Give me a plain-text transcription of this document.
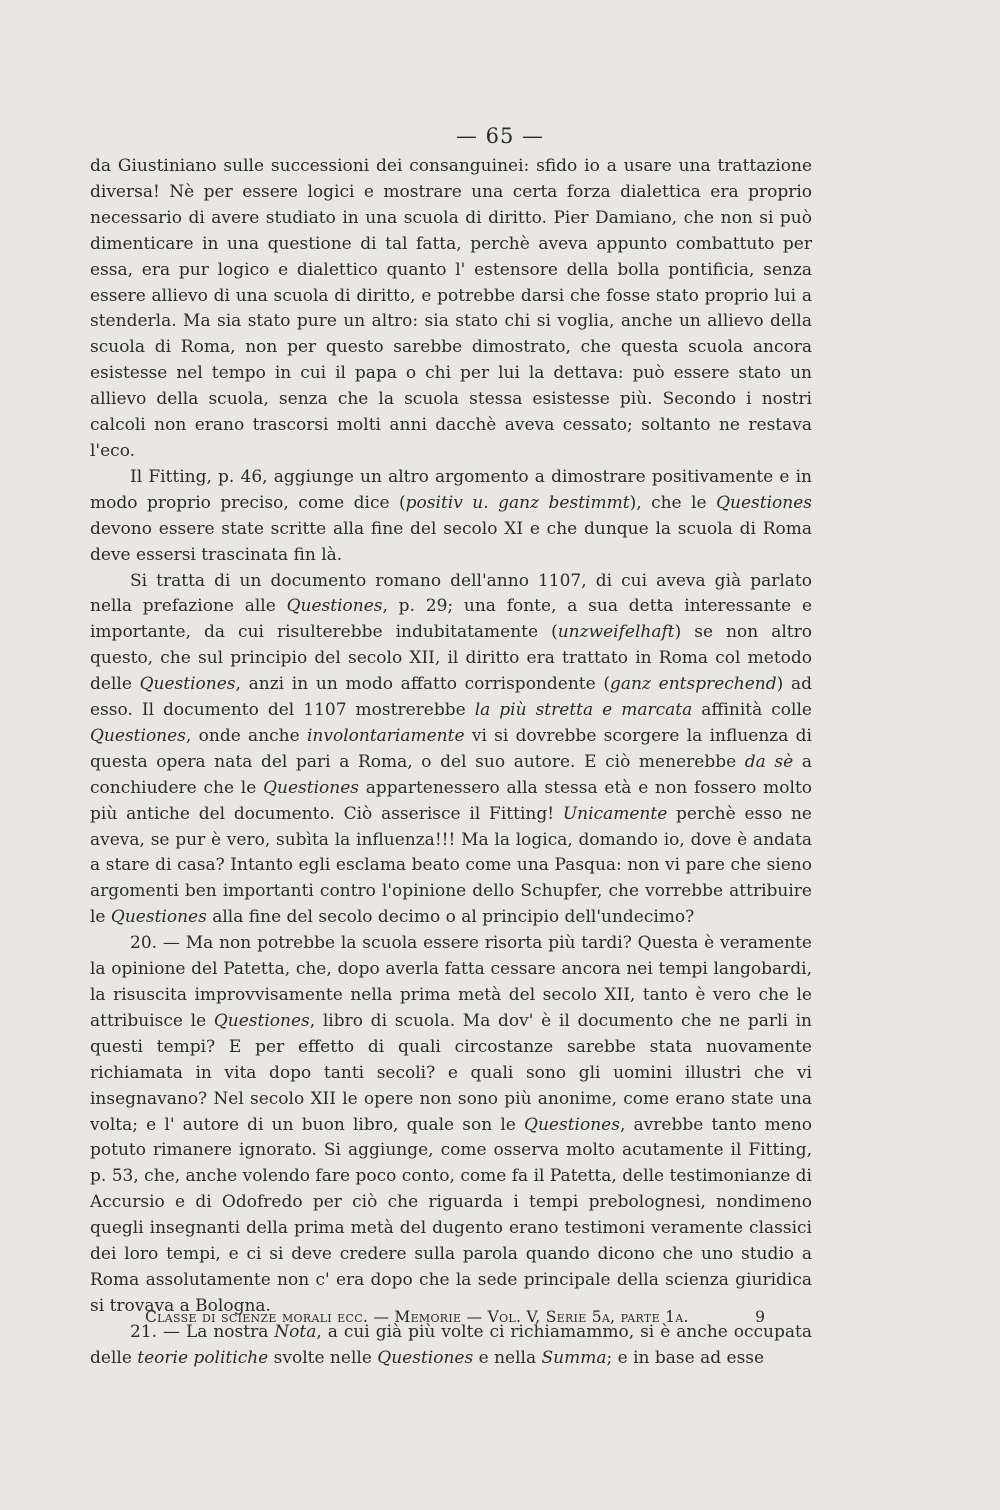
— 65 —

da Giustiniano sulle successioni dei consanguinei: sfido io a usare una trattazione diversa! Nè per essere logici e mostrare una certa forza dialettica era proprio necessario di avere studiato in una scuola di diritto. Pier Damiano, che non si può dimenticare in una questione di tal fatta, perchè aveva appunto combattuto per essa, era pur logico e dialettico quanto l' estensore della bolla pontificia, senza essere allievo di una scuola di diritto, e potrebbe darsi che fosse stato proprio lui a stenderla. Ma sia stato pure un altro: sia stato chi si voglia, anche un allievo della scuola di Roma, non per questo sarebbe dimostrato, che questa scuola ancora esistesse nel tempo in cui il papa o chi per lui la dettava: può essere stato un allievo della scuola, senza che la scuola stessa esistesse più. Secondo i nostri calcoli non erano trascorsi molti anni dacchè aveva cessato; soltanto ne restava l'eco.

Il Fitting, p. 46, aggiunge un altro argomento a dimostrare positivamente e in modo proprio preciso, come dice (positiv u. ganz bestimmt), che le Questiones devono essere state scritte alla fine del secolo XI e che dunque la scuola di Roma deve essersi trascinata fin là.

Si tratta di un documento romano dell'anno 1107, di cui aveva già parlato nella prefazione alle Questiones, p. 29; una fonte, a sua detta interessante e importante, da cui risulterebbe indubitatamente (unzweifelhaft) se non altro questo, che sul principio del secolo XII, il diritto era trattato in Roma col metodo delle Questiones, anzi in un modo affatto corrispondente (ganz entsprechend) ad esso. Il documento del 1107 mostrerebbe la più stretta e marcata affinità colle Questiones, onde anche involontariamente vi si dovrebbe scorgere la influenza di questa opera nata del pari a Roma, o del suo autore. E ciò menerebbe da sè a conchiudere che le Questiones appartenessero alla stessa età e non fossero molto più antiche del documento. Ciò asserisce il Fitting! Unicamente perchè esso ne aveva, se pur è vero, subìta la influenza!!! Ma la logica, domando io, dove è andata a stare di casa? Intanto egli esclama beato come una Pasqua: non vi pare che sieno argomenti ben importanti contro l'opinione dello Schupfer, che vorrebbe attribuire le Questiones alla fine del secolo decimo o al principio dell'undecimo?

20. — Ma non potrebbe la scuola essere risorta più tardi? Questa è veramente la opinione del Patetta, che, dopo averla fatta cessare ancora nei tempi langobardi, la risuscita improvvisamente nella prima metà del secolo XII, tanto è vero che le attribuisce le Questiones, libro di scuola. Ma dov' è il documento che ne parli in questi tempi? E per effetto di quali circostanze sarebbe stata nuovamente richiamata in vita dopo tanti secoli? e quali sono gli uomini illustri che vi insegnavano? Nel secolo XII le opere non sono più anonime, come erano state una volta; e l' autore di un buon libro, quale son le Questiones, avrebbe tanto meno potuto rimanere ignorato. Si aggiunge, come osserva molto acutamente il Fitting, p. 53, che, anche volendo fare poco conto, come fa il Patetta, delle testimonianze di Accursio e di Odofredo per ciò che riguarda i tempi prebolognesi, nondimeno quegli insegnanti della prima metà del dugento erano testimoni veramente classici dei loro tempi, e ci si deve credere sulla parola quando dicono che uno studio a Roma assolutamente non c' era dopo che la sede principale della scienza giuridica si trovava a Bologna.

21. — La nostra Nota, a cui già più volte ci richiamammo, si è anche occupata delle teorie politiche svolte nelle Questiones e nella Summa; e in base ad esse

Classe di scienze morali ecc. — Memorie — Vol. V, Serie 5a, parte 1a.	9
